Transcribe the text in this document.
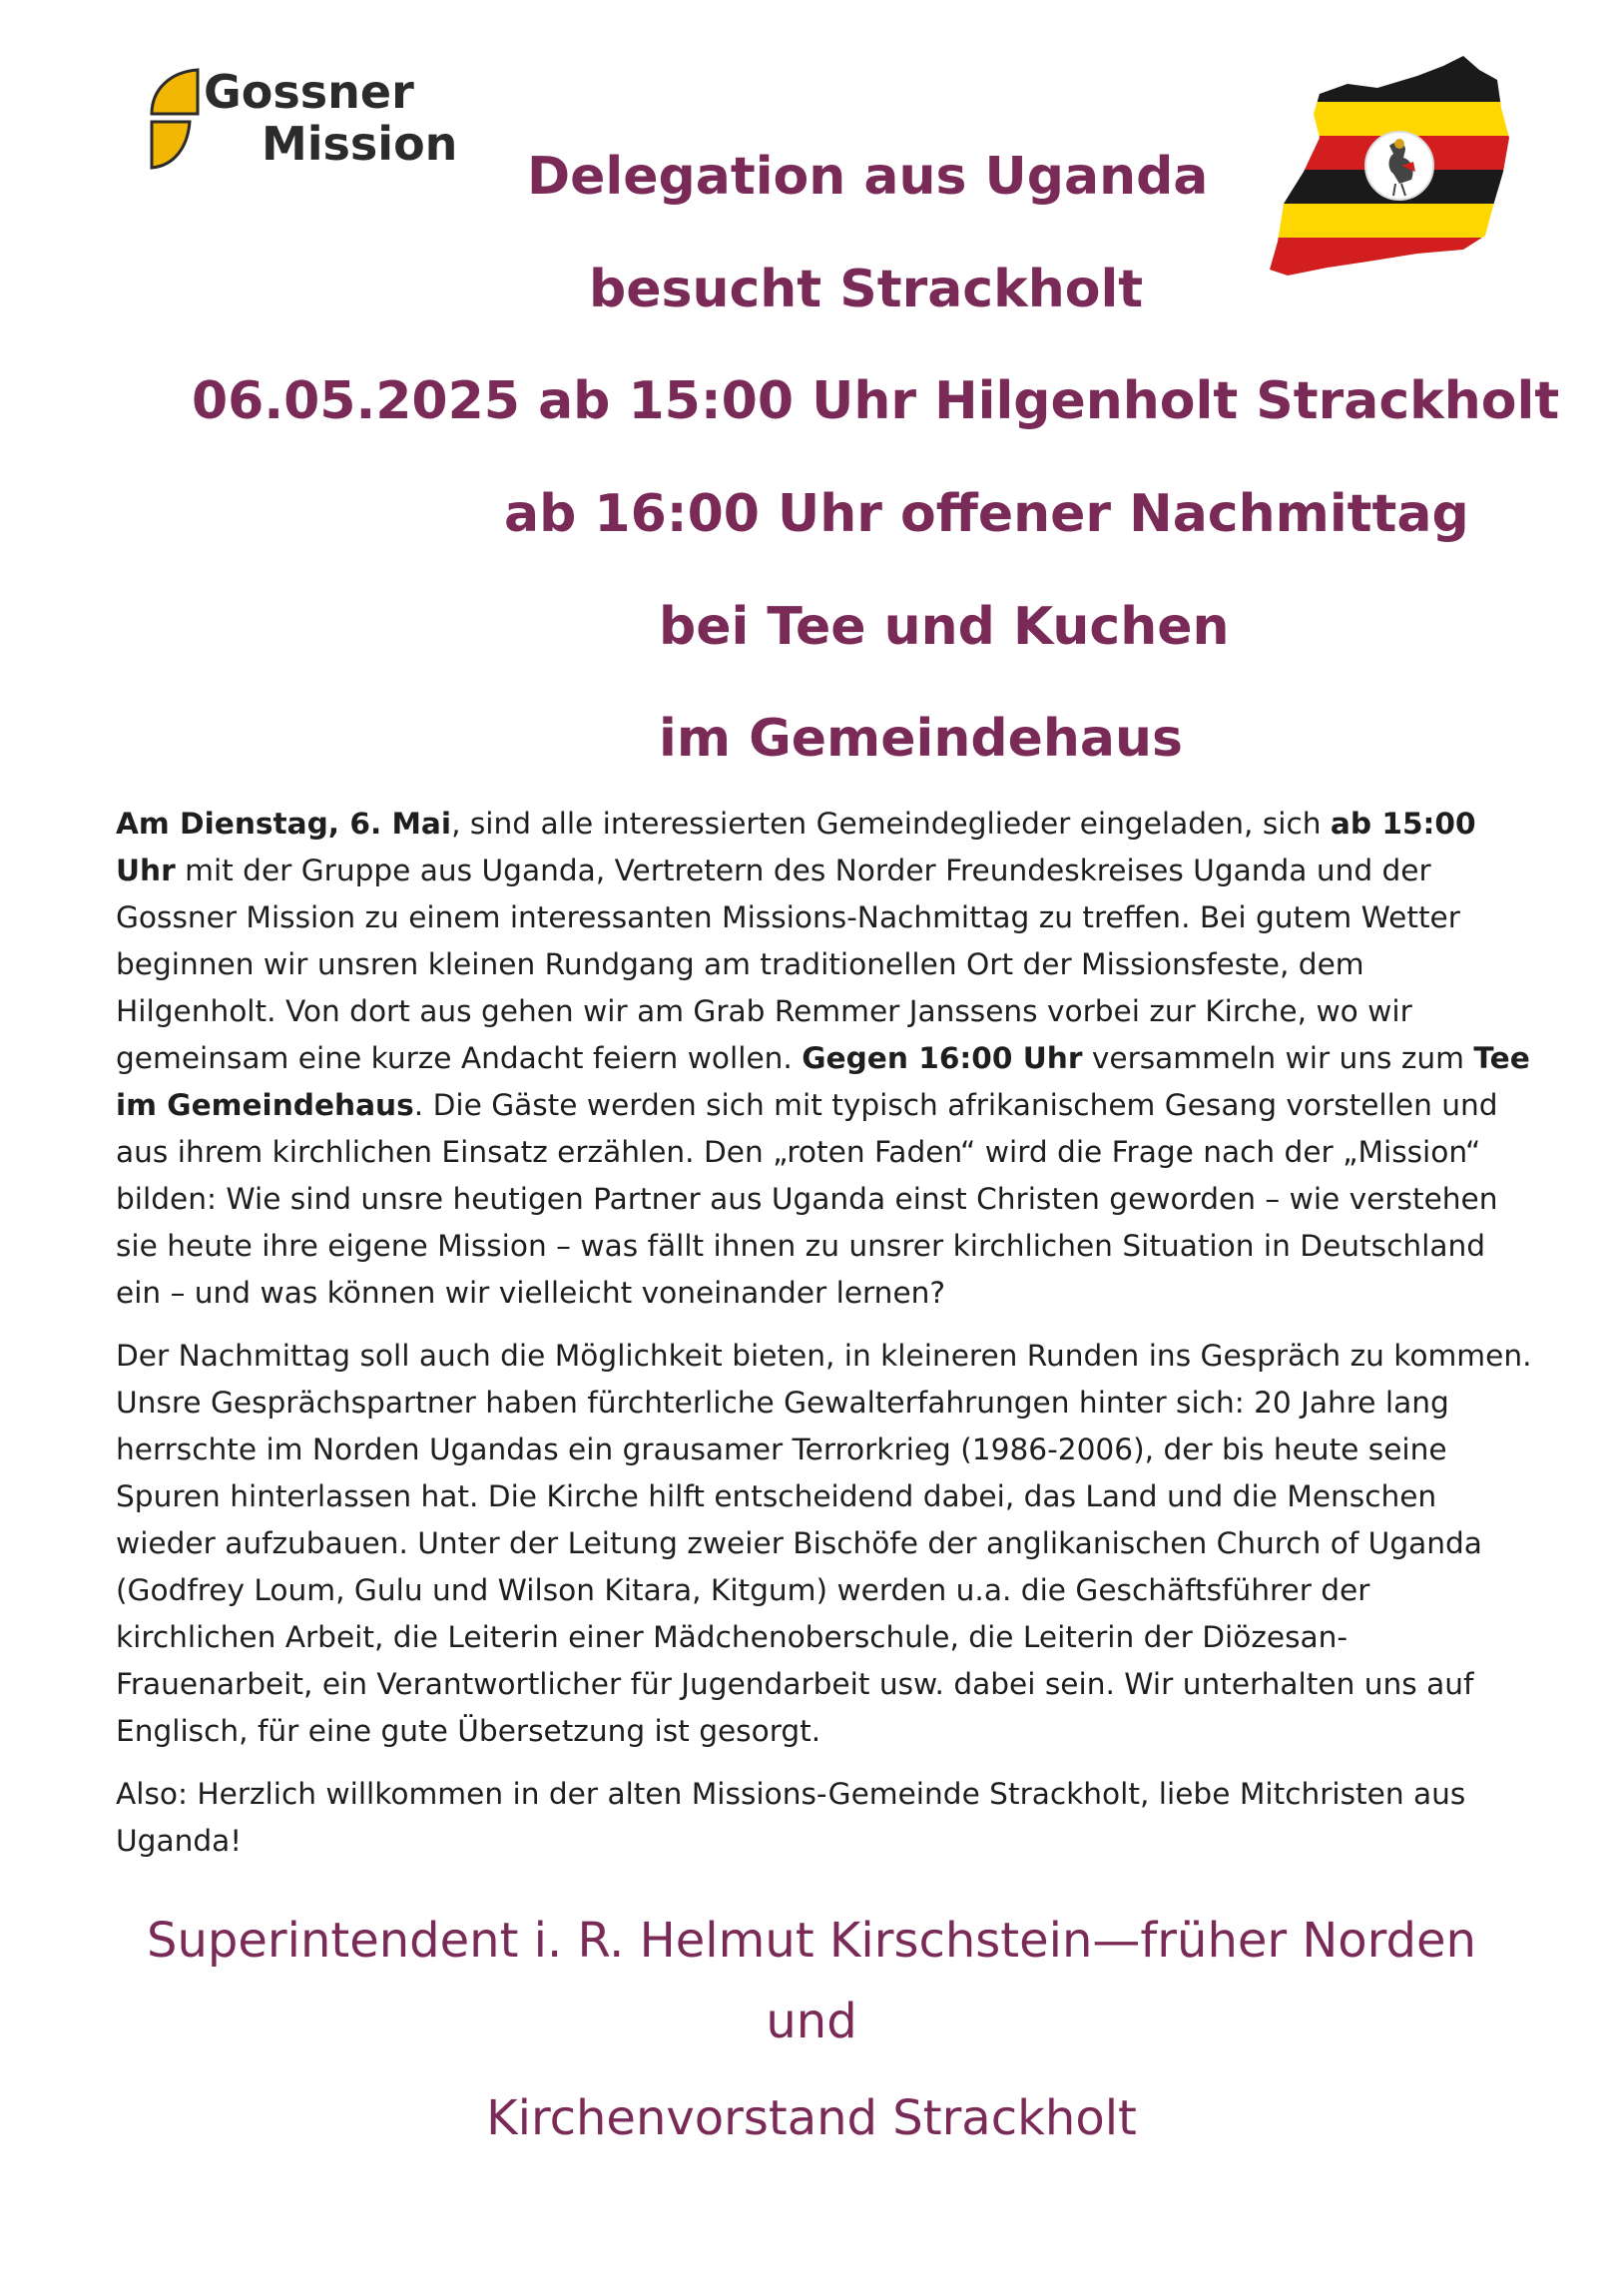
Gossner
Mission
Delegation aus Uganda
besucht Strackholt
06.05.2025 ab 15:00 Uhr Hilgenholt Strackholt
ab 16:00 Uhr offener Nachmittag
bei Tee und Kuchen
im Gemeindehaus

Am Dienstag, 6. Mai, sind alle interessierten Gemeindeglieder eingeladen, sich ab 15:00 Uhr mit der Gruppe aus Uganda, Vertretern des Norder Freundeskreises Uganda und der Gossner Mission zu einem interessanten Missions-Nachmittag zu treffen. Bei gutem Wetter beginnen wir unsren kleinen Rundgang am traditionellen Ort der Missionsfeste, dem Hilgenholt. Von dort aus gehen wir am Grab Remmer Janssens vorbei zur Kirche, wo wir gemeinsam eine kurze Andacht feiern wollen. Gegen 16:00 Uhr versammeln wir uns zum Tee im Gemeindehaus. Die Gäste werden sich mit typisch afrikanischem Gesang vorstellen und aus ihrem kirchlichen Einsatz erzählen. Den „roten Faden“ wird die Frage nach der „Mission“ bilden: Wie sind unsre heutigen Partner aus Uganda einst Christen geworden – wie verstehen sie heute ihre eigene Mission – was fällt ihnen zu unsrer kirchlichen Situation in Deutschland ein – und was können wir vielleicht voneinander lernen?

Der Nachmittag soll auch die Möglichkeit bieten, in kleineren Runden ins Gespräch zu kommen. Unsre Gesprächspartner haben fürchterliche Gewalterfahrungen hinter sich: 20 Jahre lang herrschte im Norden Ugandas ein grausamer Terrorkrieg (1986-2006), der bis heute seine Spuren hinterlassen hat. Die Kirche hilft entscheidend dabei, das Land und die Menschen wieder aufzubauen. Unter der Leitung zweier Bischöfe der anglikanischen Church of Uganda (Godfrey Loum, Gulu und Wilson Kitara, Kitgum) werden u.a. die Geschäftsführer der kirchlichen Arbeit, die Leiterin einer Mädchenoberschule, die Leiterin der Diözesan-Frauenarbeit, ein Verantwortlicher für Jugendarbeit usw. dabei sein. Wir unterhalten uns auf Englisch, für eine gute Übersetzung ist gesorgt.

Also: Herzlich willkommen in der alten Missions-Gemeinde Strackholt, liebe Mitchristen aus Uganda!

Superintendent i. R. Helmut Kirschstein—früher Norden
und
Kirchenvorstand Strackholt
